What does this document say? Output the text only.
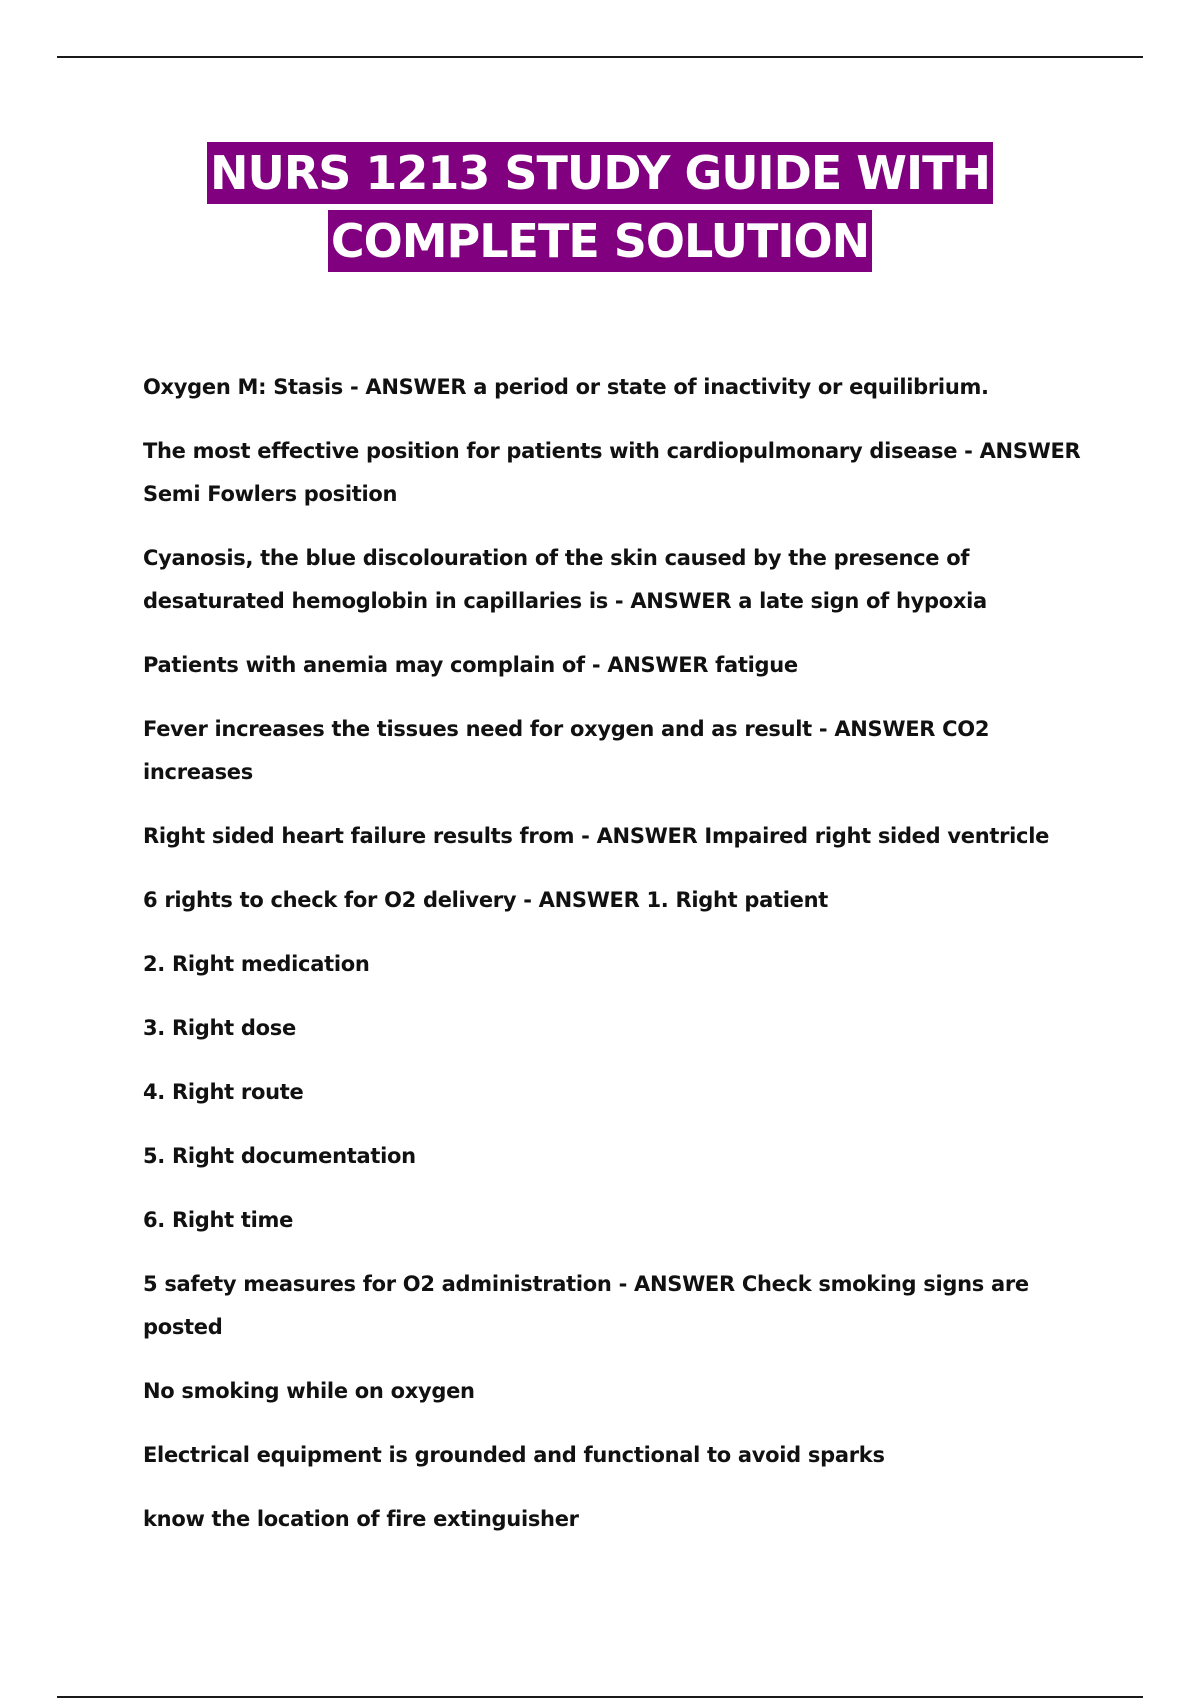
NURS 1213 STUDY GUIDE WITH
COMPLETE SOLUTION

Oxygen M: Stasis - ANSWER a period or state of inactivity or equilibrium.

The most effective position for patients with cardiopulmonary disease - ANSWER Semi Fowlers position

Cyanosis, the blue discolouration of the skin caused by the presence of desaturated hemoglobin in capillaries is - ANSWER a late sign of hypoxia

Patients with anemia may complain of - ANSWER fatigue

Fever increases the tissues need for oxygen and as result - ANSWER CO2 increases

Right sided heart failure results from - ANSWER Impaired right sided ventricle

6 rights to check for O2 delivery - ANSWER 1. Right patient

2. Right medication

3. Right dose

4. Right route

5. Right documentation

6. Right time

5 safety measures for O2 administration - ANSWER Check smoking signs are posted

No smoking while on oxygen

Electrical equipment is grounded and functional to avoid sparks

know the location of fire extinguisher
